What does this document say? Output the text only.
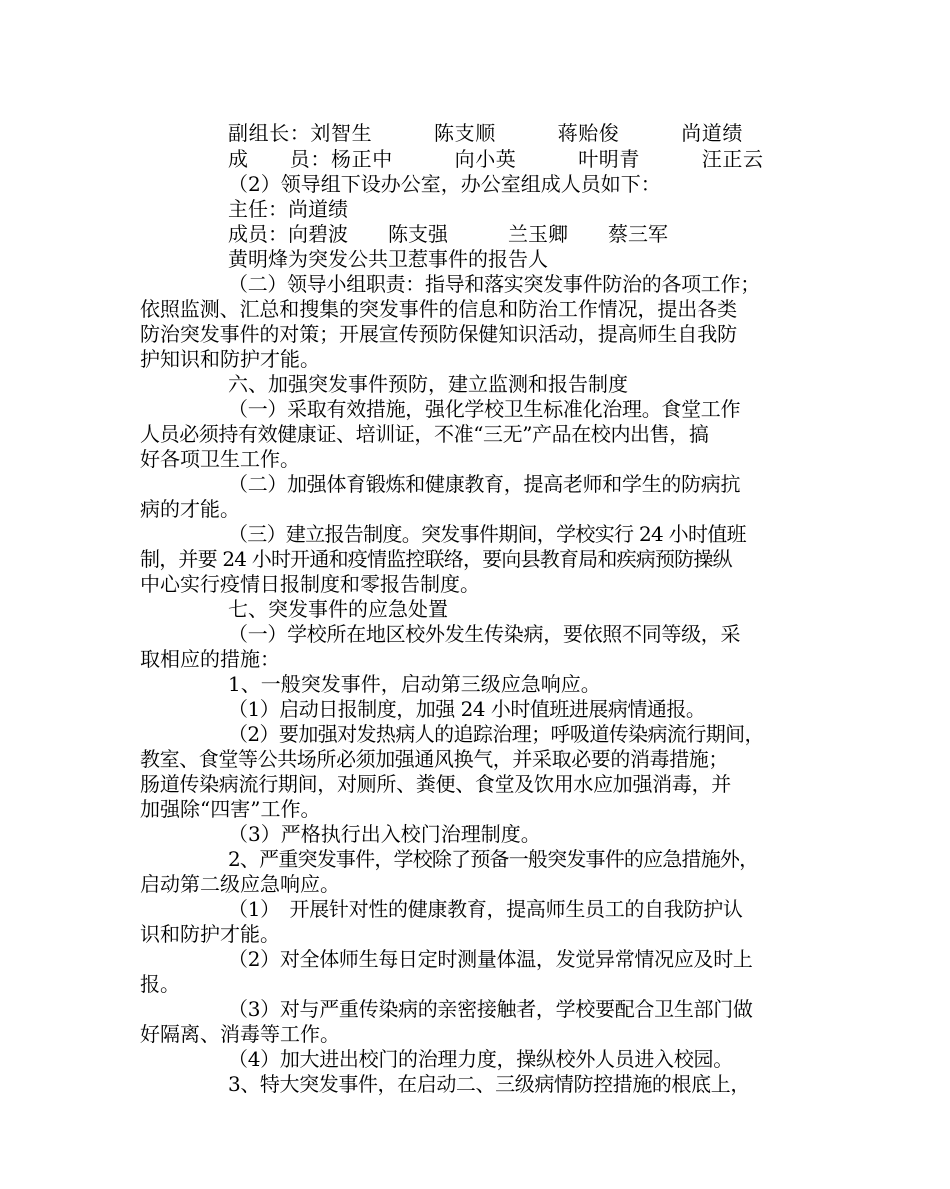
副组长：刘智生　　　陈支顺　　　蒋贻俊　　　尚道绩
成　　员：杨正中　　　向小英　　　叶明青　　　汪正云
（2）领导组下设办公室，办公室组成人员如下：
主任：尚道绩
成员：向碧波　　陈支强　　　兰玉卿　　蔡三军
黄明烽为突发公共卫惹事件的报告人
（二）领导小组职责：指导和落实突发事件防治的各项工作；
依照监测、汇总和搜集的突发事件的信息和防治工作情况，提出各类
防治突发事件的对策；开展宣传预防保健知识活动，提高师生自我防
护知识和防护才能。
六、加强突发事件预防，建立监测和报告制度
（一）采取有效措施，强化学校卫生标准化治理。食堂工作
人员必须持有效健康证、培训证，不准“三无”产品在校内出售，搞
好各项卫生工作。
（二）加强体育锻炼和健康教育，提高老师和学生的防病抗
病的才能。
（三）建立报告制度。突发事件期间，学校实行 24 小时值班
制，并要 24 小时开通和疫情监控联络，要向县教育局和疾病预防操纵
中心实行疫情日报制度和零报告制度。
七、突发事件的应急处置
（一）学校所在地区校外发生传染病，要依照不同等级，采
取相应的措施：
1、一般突发事件，启动第三级应急响应。
（1）启动日报制度，加强 24 小时值班进展病情通报。
（2）要加强对发热病人的追踪治理；呼吸道传染病流行期间，
教室、食堂等公共场所必须加强通风换气，并采取必要的消毒措施；
肠道传染病流行期间，对厕所、粪便、食堂及饮用水应加强消毒，并
加强除“四害”工作。
（3）严格执行出入校门治理制度。
2、严重突发事件，学校除了预备一般突发事件的应急措施外，
启动第二级应急响应。
（1）　开展针对性的健康教育，提高师生员工的自我防护认
识和防护才能。
（2）对全体师生每日定时测量体温，发觉异常情况应及时上
报。
（3）对与严重传染病的亲密接触者，学校要配合卫生部门做
好隔离、消毒等工作。
（4）加大进出校门的治理力度，操纵校外人员进入校园。
3、特大突发事件，在启动二、三级病情防控措施的根底上，
